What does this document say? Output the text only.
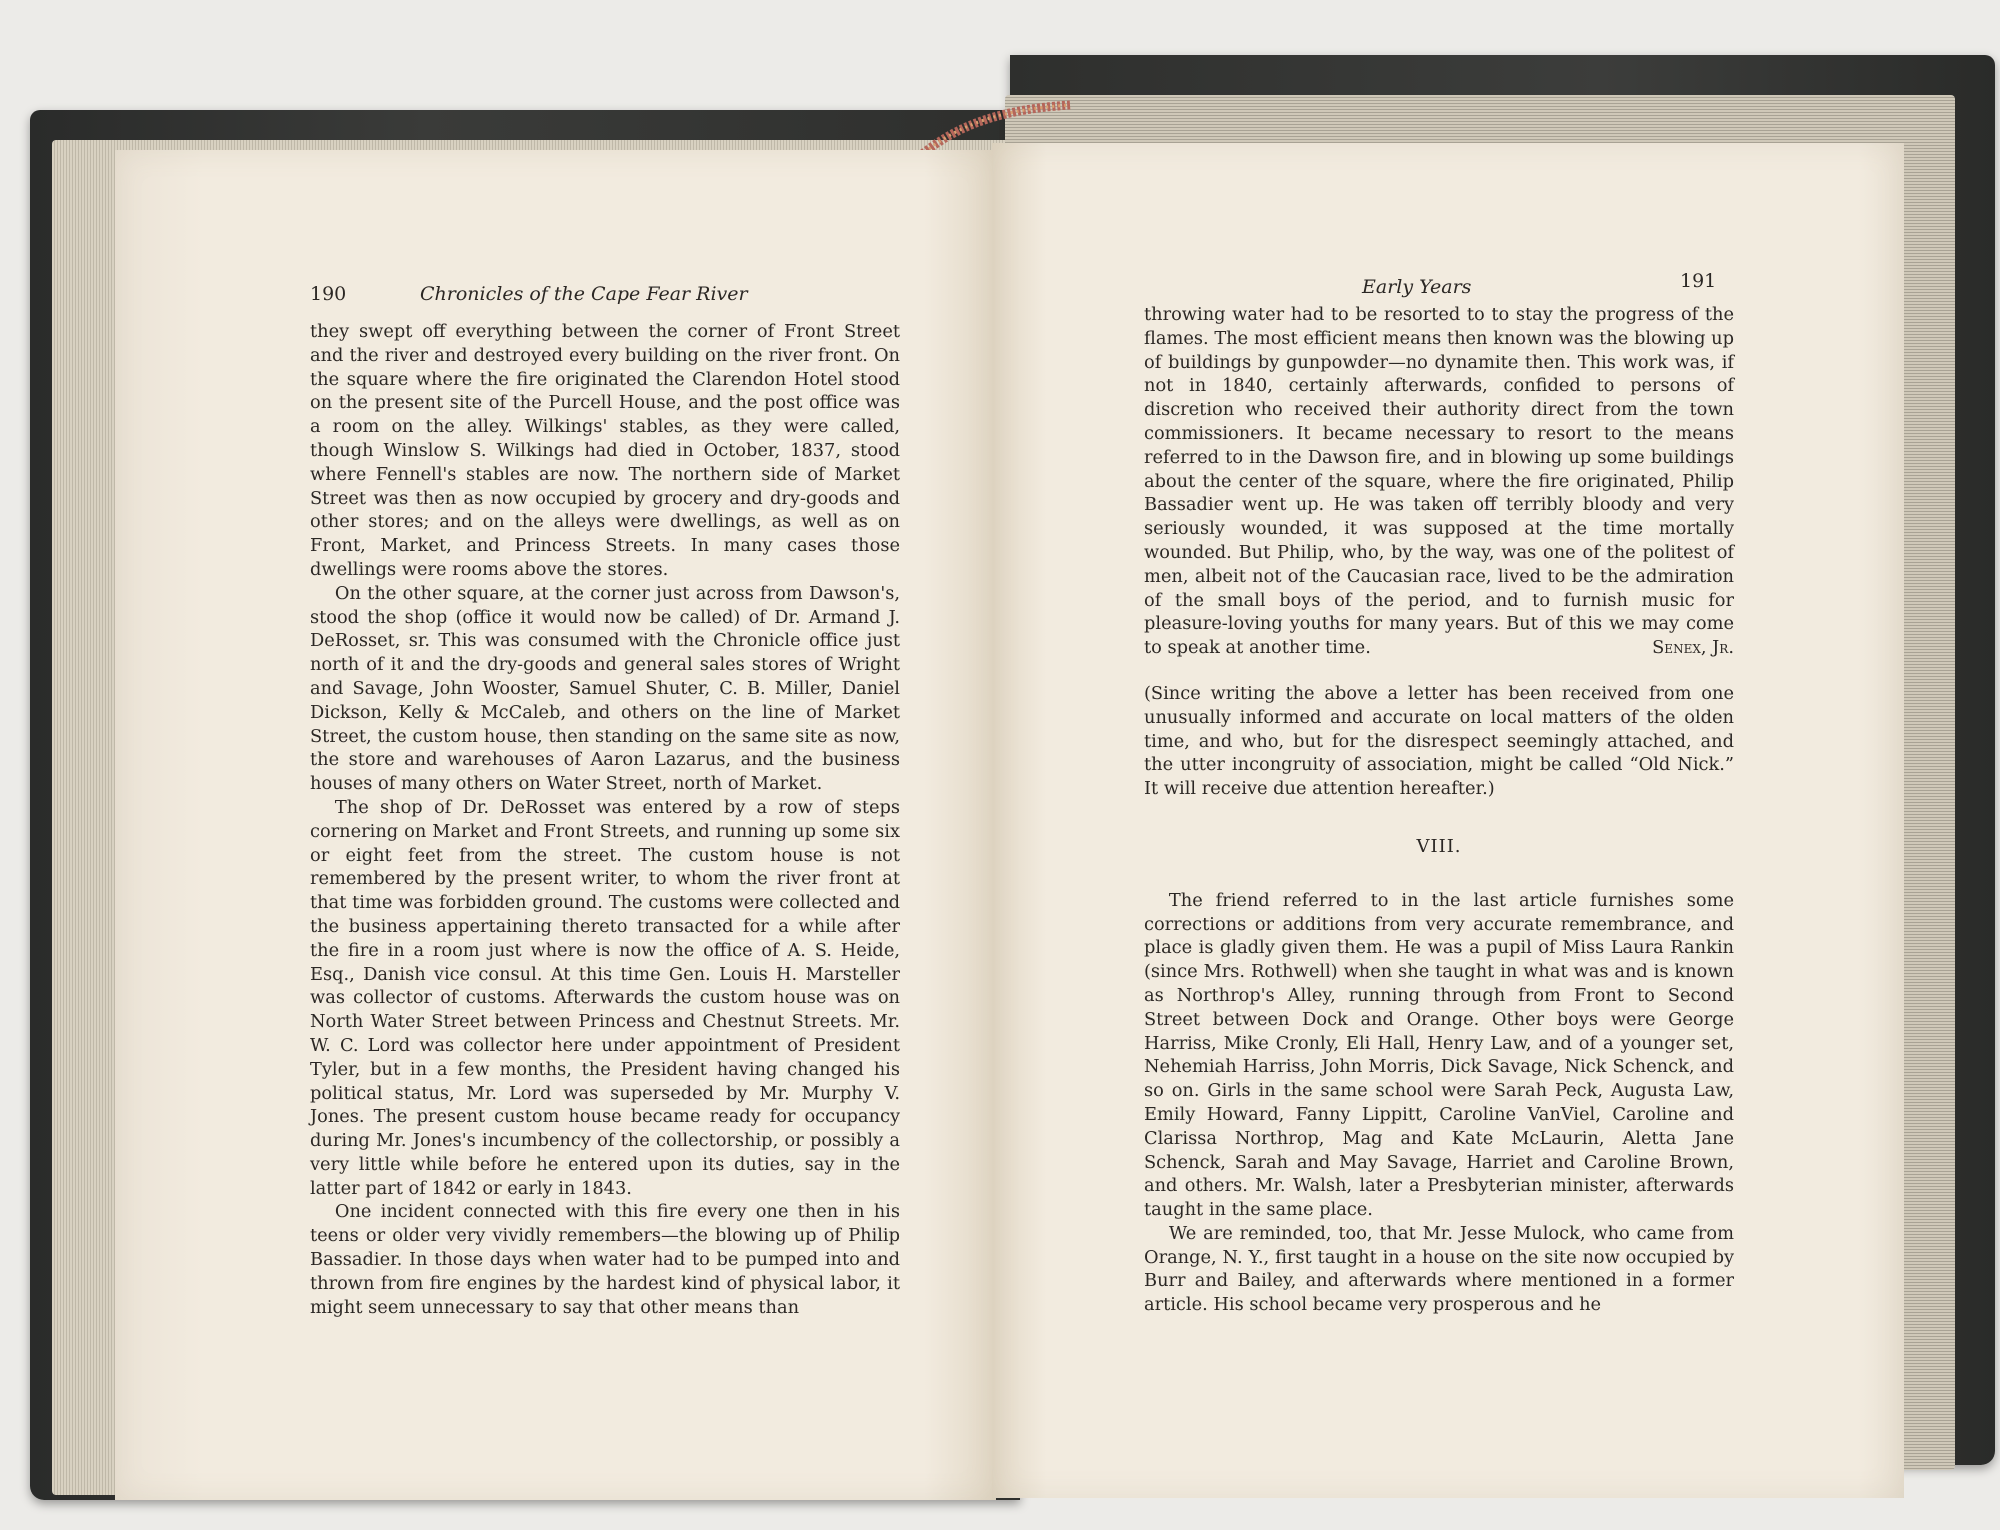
190	Chronicles of the Cape Fear River

they swept off everything between the corner of Front Street and the river and destroyed every building on the river front. On the square where the fire originated the Clarendon Hotel stood on the present site of the Purcell House, and the post office was a room on the alley. Wilkings' stables, as they were called, though Winslow S. Wilkings had died in October, 1837, stood where Fennell's stables are now. The northern side of Market Street was then as now occupied by grocery and dry-goods and other stores; and on the alleys were dwellings, as well as on Front, Market, and Princess Streets. In many cases those dwellings were rooms above the stores.

On the other square, at the corner just across from Dawson's, stood the shop (office it would now be called) of Dr. Armand J. DeRosset, sr. This was consumed with the Chronicle office just north of it and the dry-goods and general sales stores of Wright and Savage, John Wooster, Samuel Shuter, C. B. Miller, Daniel Dickson, Kelly & McCaleb, and others on the line of Market Street, the custom house, then standing on the same site as now, the store and warehouses of Aaron Lazarus, and the business houses of many others on Water Street, north of Market.

The shop of Dr. DeRosset was entered by a row of steps cornering on Market and Front Streets, and running up some six or eight feet from the street. The custom house is not remembered by the present writer, to whom the river front at that time was forbidden ground. The customs were collected and the business appertaining thereto transacted for a while after the fire in a room just where is now the office of A. S. Heide, Esq., Danish vice consul. At this time Gen. Louis H. Marsteller was collector of customs. Afterwards the custom house was on North Water Street between Princess and Chestnut Streets. Mr. W. C. Lord was collector here under appointment of President Tyler, but in a few months, the President having changed his political status, Mr. Lord was superseded by Mr. Murphy V. Jones. The present custom house became ready for occupancy during Mr. Jones's incumbency of the collectorship, or possibly a very little while before he entered upon its duties, say in the latter part of 1842 or early in 1843.

One incident connected with this fire every one then in his teens or older very vividly remembers—the blowing up of Philip Bassadier. In those days when water had to be pumped into and thrown from fire engines by the hardest kind of physical labor, it might seem unnecessary to say that other means than

Early Years	191

throwing water had to be resorted to to stay the progress of the flames. The most efficient means then known was the blowing up of buildings by gunpowder—no dynamite then. This work was, if not in 1840, certainly afterwards, confided to persons of discretion who received their authority direct from the town commissioners. It became necessary to resort to the means referred to in the Dawson fire, and in blowing up some buildings about the center of the square, where the fire originated, Philip Bassadier went up. He was taken off terribly bloody and very seriously wounded, it was supposed at the time mortally wounded. But Philip, who, by the way, was one of the politest of men, albeit not of the Caucasian race, lived to be the admiration of the small boys of the period, and to furnish music for pleasure-loving youths for many years. But of this we may come to speak at another time.	Senex, Jr.

(Since writing the above a letter has been received from one unusually informed and accurate on local matters of the olden time, and who, but for the disrespect seemingly attached, and the utter incongruity of association, might be called “Old Nick.” It will receive due attention hereafter.)

VIII.

The friend referred to in the last article furnishes some corrections or additions from very accurate remembrance, and place is gladly given them. He was a pupil of Miss Laura Rankin (since Mrs. Rothwell) when she taught in what was and is known as Northrop's Alley, running through from Front to Second Street between Dock and Orange. Other boys were George Harriss, Mike Cronly, Eli Hall, Henry Law, and of a younger set, Nehemiah Harriss, John Morris, Dick Savage, Nick Schenck, and so on. Girls in the same school were Sarah Peck, Augusta Law, Emily Howard, Fanny Lippitt, Caroline VanViel, Caroline and Clarissa Northrop, Mag and Kate McLaurin, Aletta Jane Schenck, Sarah and May Savage, Harriet and Caroline Brown, and others. Mr. Walsh, later a Presbyterian minister, afterwards taught in the same place.

We are reminded, too, that Mr. Jesse Mulock, who came from Orange, N. Y., first taught in a house on the site now occupied by Burr and Bailey, and afterwards where mentioned in a former article. His school became very prosperous and he
